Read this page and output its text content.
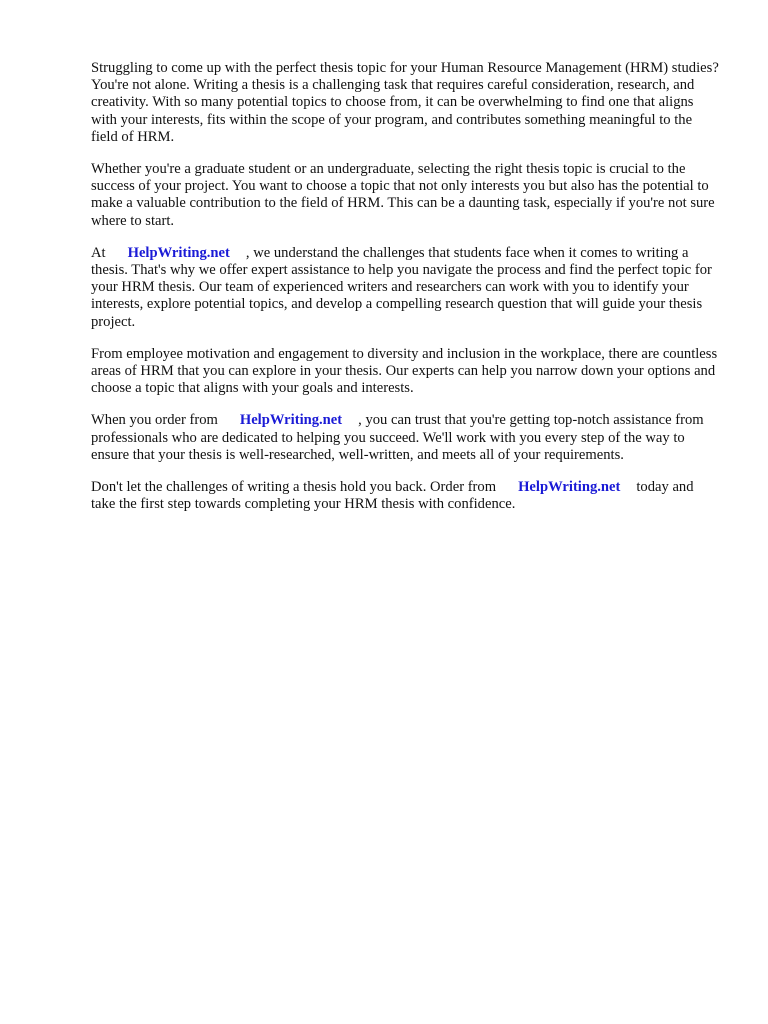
Struggling to come up with the perfect thesis topic for your Human Resource Management (HRM) studies? You're not alone. Writing a thesis is a challenging task that requires careful consideration, research, and creativity. With so many potential topics to choose from, it can be overwhelming to find one that aligns with your interests, fits within the scope of your program, and contributes something meaningful to the field of HRM.

Whether you're a graduate student or an undergraduate, selecting the right thesis topic is crucial to the success of your project. You want to choose a topic that not only interests you but also has the potential to make a valuable contribution to the field of HRM. This can be a daunting task, especially if you're not sure where to start.

At HelpWriting.net , we understand the challenges that students face when it comes to writing a thesis. That's why we offer expert assistance to help you navigate the process and find the perfect topic for your HRM thesis. Our team of experienced writers and researchers can work with you to identify your interests, explore potential topics, and develop a compelling research question that will guide your thesis project.

From employee motivation and engagement to diversity and inclusion in the workplace, there are countless areas of HRM that you can explore in your thesis. Our experts can help you narrow down your options and choose a topic that aligns with your goals and interests.

When you order from HelpWriting.net , you can trust that you're getting top-notch assistance from professionals who are dedicated to helping you succeed. We'll work with you every step of the way to ensure that your thesis is well-researched, well-written, and meets all of your requirements.

Don't let the challenges of writing a thesis hold you back. Order from HelpWriting.net today and take the first step towards completing your HRM thesis with confidence.
